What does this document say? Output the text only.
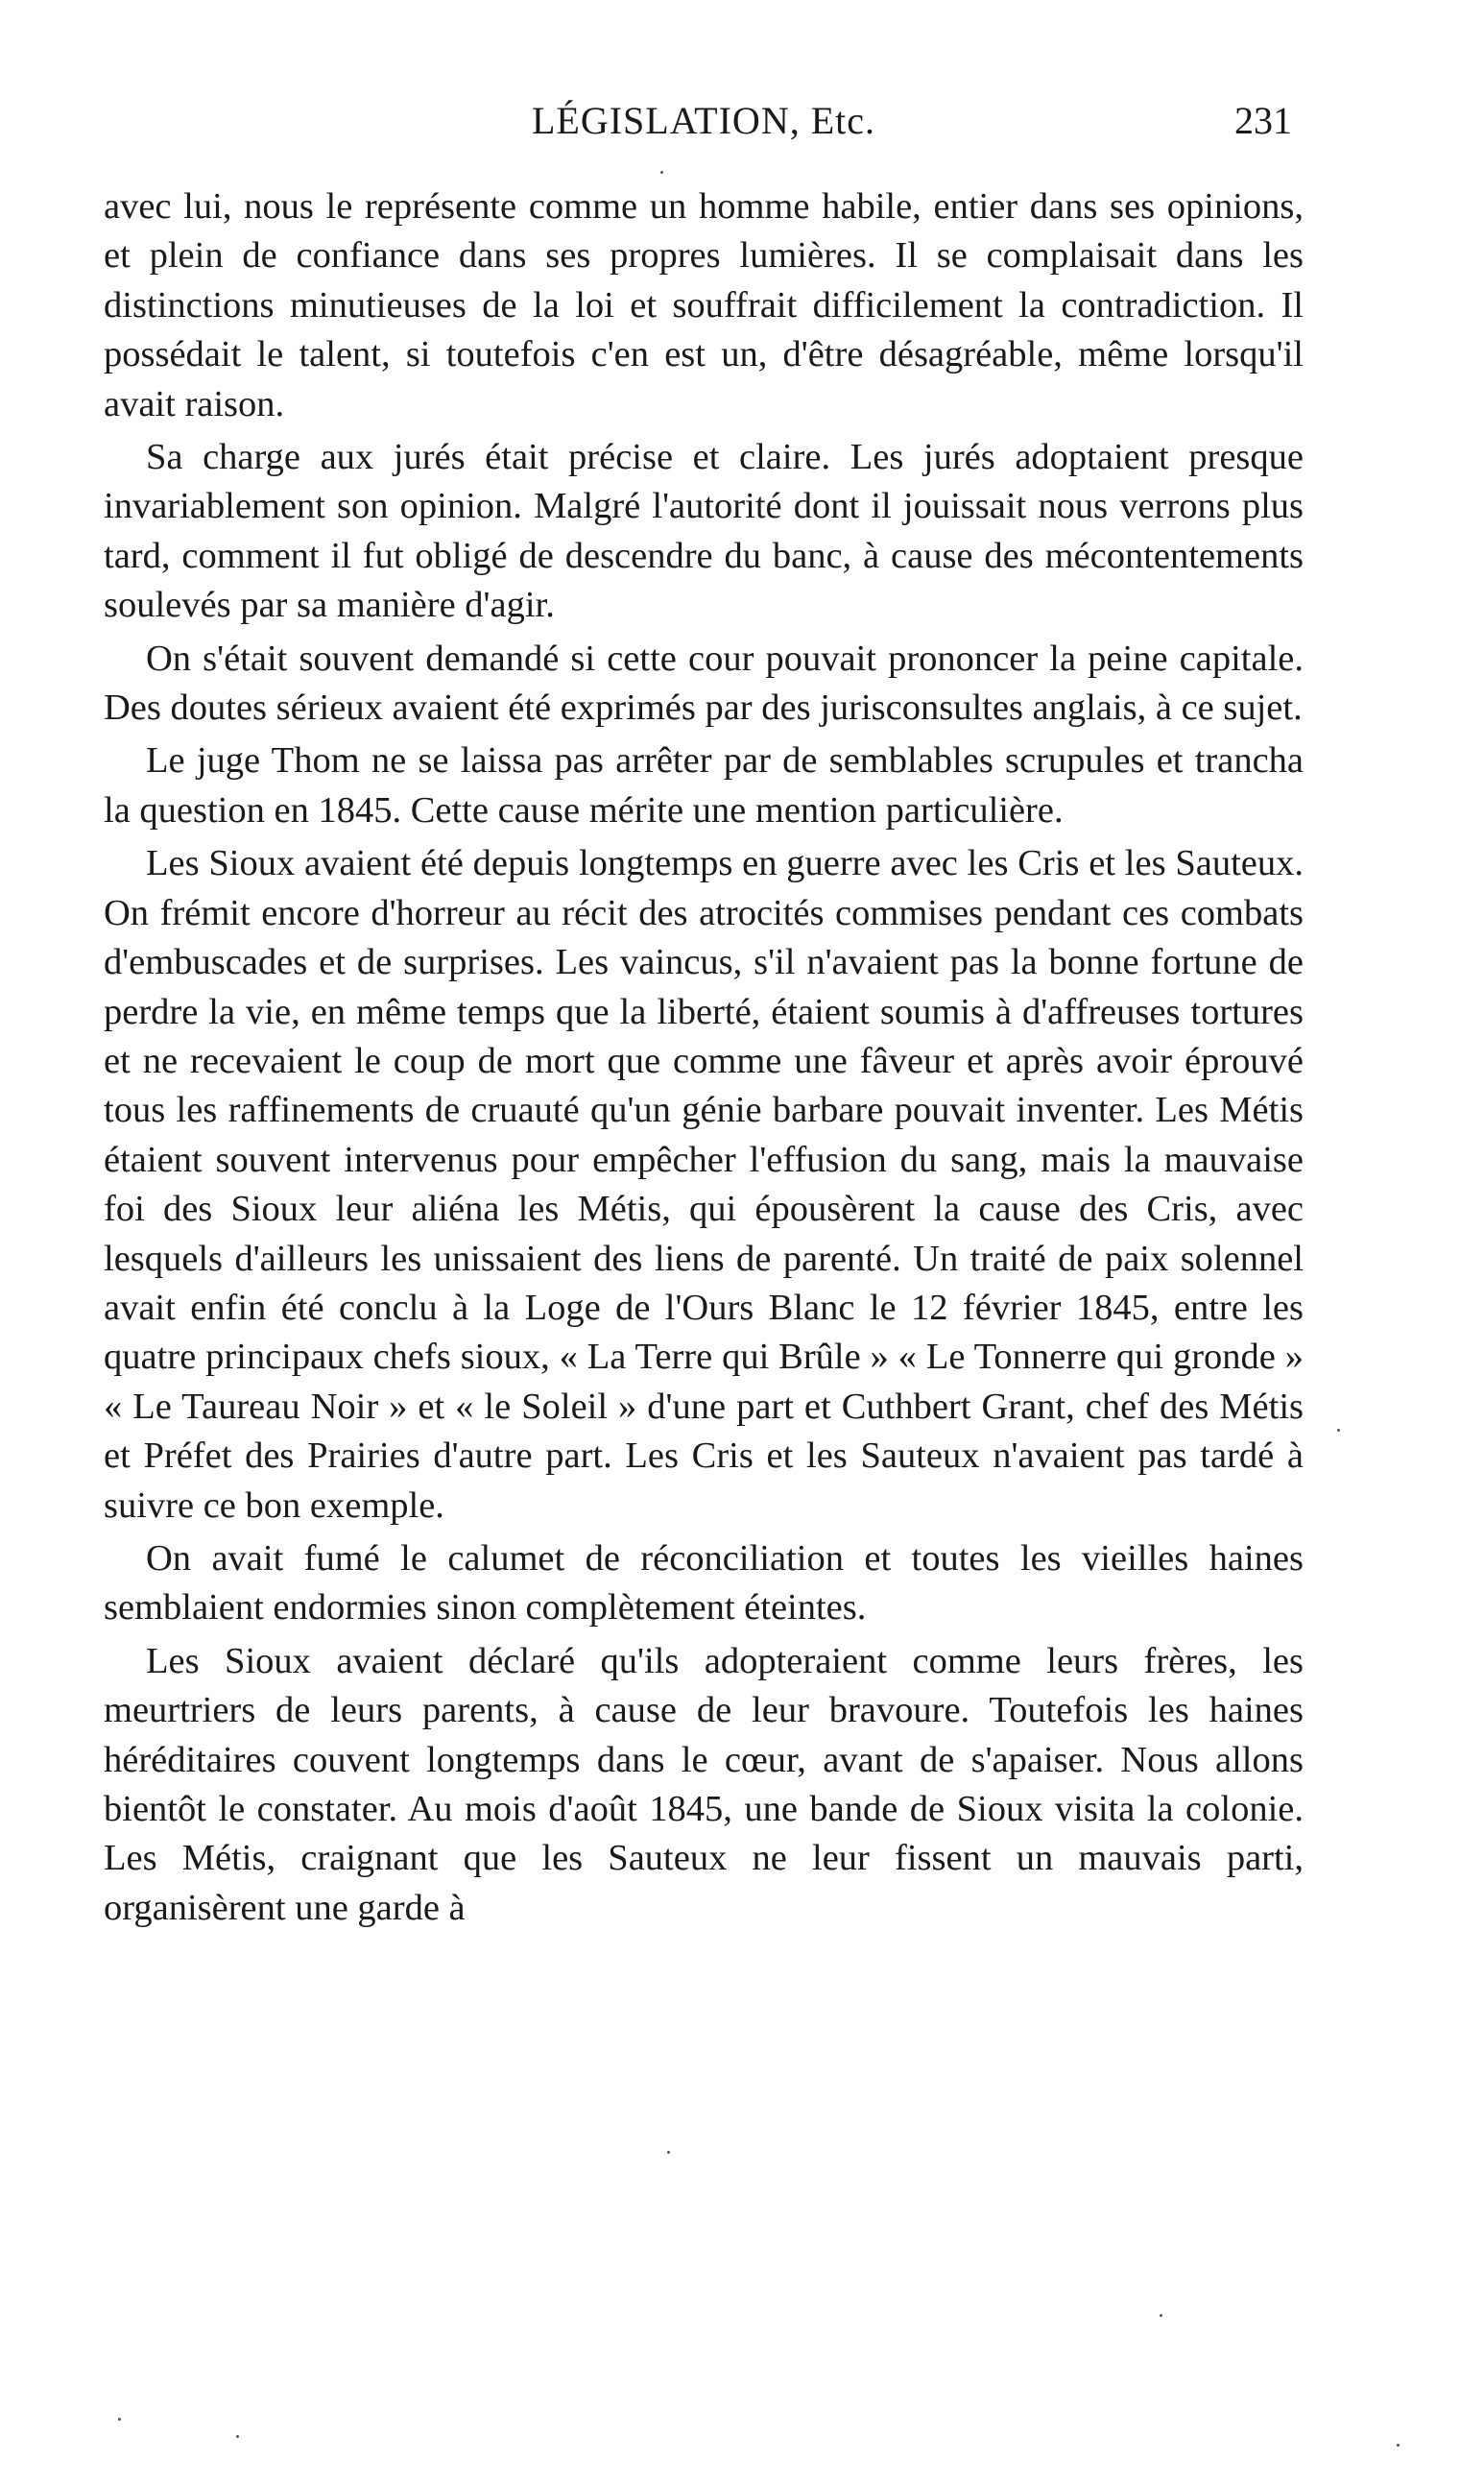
LÉGISLATION, Etc.	231

avec lui, nous le représente comme un homme habile, entier dans ses opinions, et plein de confiance dans ses propres lumières. Il se complaisait dans les distinctions minutieuses de la loi et souffrait difficilement la contradiction. Il possédait le talent, si toutefois c'en est un, d'être désagréable, même lorsqu'il avait raison.

Sa charge aux jurés était précise et claire. Les jurés adoptaient presque invariablement son opinion. Malgré l'autorité dont il jouissait nous verrons plus tard, comment il fut obligé de descendre du banc, à cause des mécontentements soulevés par sa manière d'agir.

On s'était souvent demandé si cette cour pouvait prononcer la peine capitale. Des doutes sérieux avaient été exprimés par des jurisconsultes anglais, à ce sujet.

Le juge Thom ne se laissa pas arrêter par de semblables scrupules et trancha la question en 1845. Cette cause mérite une mention particulière.

Les Sioux avaient été depuis longtemps en guerre avec les Cris et les Sauteux. On frémit encore d'horreur au récit des atrocités commises pendant ces combats d'embuscades et de surprises. Les vaincus, s'il n'avaient pas la bonne fortune de perdre la vie, en même temps que la liberté, étaient soumis à d'affreuses tortures et ne recevaient le coup de mort que comme une fâveur et après avoir éprouvé tous les raffinements de cruauté qu'un génie barbare pouvait inventer. Les Métis étaient souvent intervenus pour empêcher l'effusion du sang, mais la mauvaise foi des Sioux leur aliéna les Métis, qui épousèrent la cause des Cris, avec lesquels d'ailleurs les unissaient des liens de parenté. Un traité de paix solennel avait enfin été conclu à la Loge de l'Ours Blanc le 12 février 1845, entre les quatre principaux chefs sioux, « La Terre qui Brûle » « Le Tonnerre qui gronde » « Le Taureau Noir » et « le Soleil » d'une part et Cuthbert Grant, chef des Métis et Préfet des Prairies d'autre part. Les Cris et les Sauteux n'avaient pas tardé à suivre ce bon exemple.

On avait fumé le calumet de réconciliation et toutes les vieilles haines semblaient endormies sinon complètement éteintes.

Les Sioux avaient déclaré qu'ils adopteraient comme leurs frères, les meurtriers de leurs parents, à cause de leur bravoure. Toutefois les haines héréditaires couvent longtemps dans le cœur, avant de s'apaiser. Nous allons bientôt le constater. Au mois d'août 1845, une bande de Sioux visita la colonie. Les Métis, craignant que les Sauteux ne leur fissent un mauvais parti, organisèrent une garde à
